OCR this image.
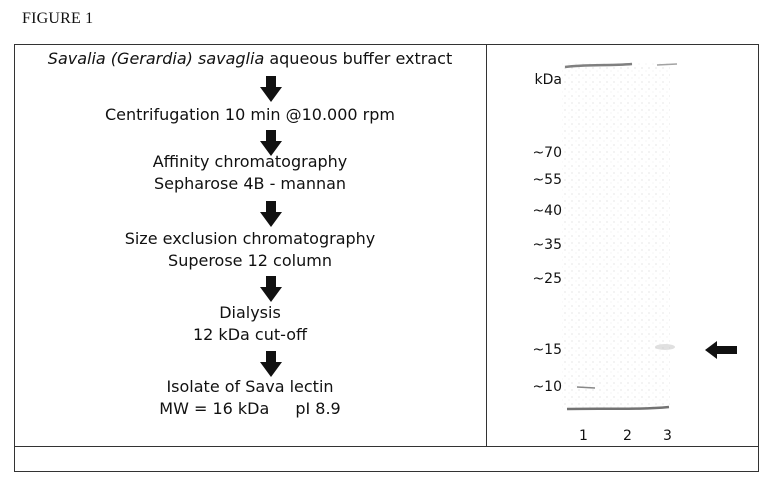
FIGURE 1
Savalia (Gerardia) savaglia aqueous buffer extract
Centrifugation 10 min @10.000 rpm
Affinity chromatography
Sepharose 4B - mannan
Size exclusion chromatography
Superose 12 column
Dialysis
12 kDa cut-off
Isolate of Sava lectin
MW = 16 kDa pI 8.9
kDa
~70
~55
~40
~35
~25
~15
~10
1	2 3
